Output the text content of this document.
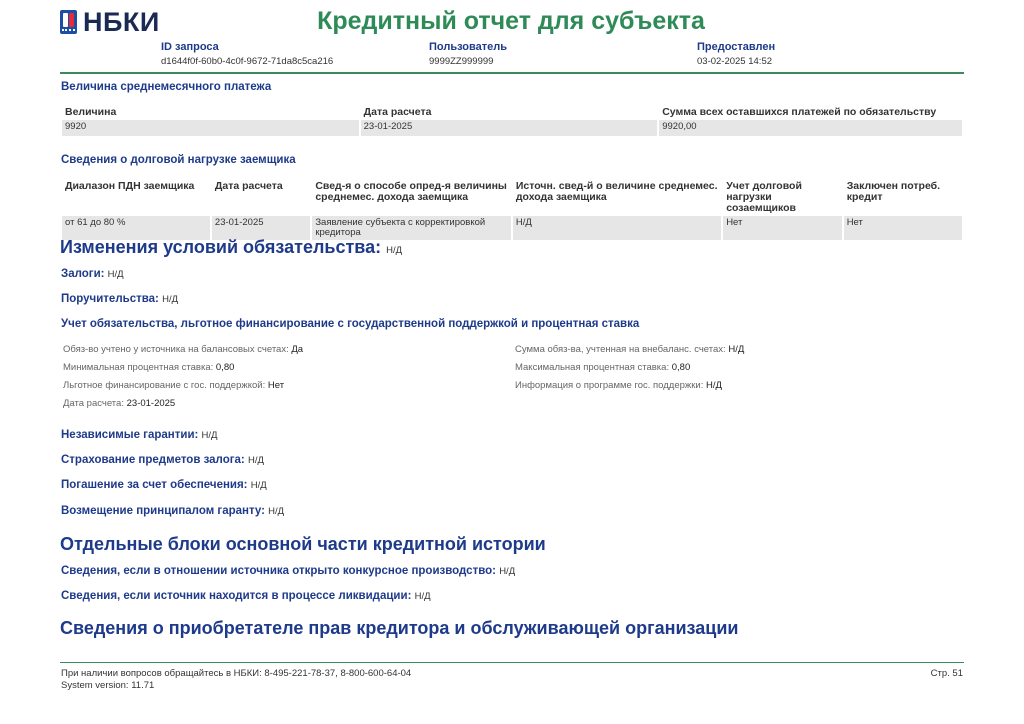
НБКИ	Кредитный отчет для субъекта
ID запроса
d1644f0f-60b0-4c0f-9672-71da8c5ca216
Пользователь
9999ZZ999999
Предоставлен
03-02-2025 14:52
Величина среднемесячного платежа
Величина	Дата расчета	Сумма всех оставшихся платежей по обязательству
9920	23-01-2025	9920,00
Сведения о долговой нагрузке заемщика
Диалазон ПДН заемщика	Дата расчета	Свед-я о способе опред-я величины среднемес. дохода заемщика	Источн. свед-й о величине среднемес. дохода заемщика	Учет долговой нагрузки созаемщиков	Заключен потреб. кредит
от 61 до 80 %	23-01-2025	Заявление субъекта с корректировкой кредитора	Н/Д	Нет	Нет
Изменения условий обязательства: Н/Д
Залоги: Н/Д
Поручительства: Н/Д
Учет обязательства, льготное финансирование с государственной поддержкой и процентная ставка
Обяз-во учтено у источника на балансовых счетах: Да
Минимальная процентная ставка: 0,80
Льготное финансирование с гос. поддержкой: Нет
Дата расчета: 23-01-2025
Сумма обяз-ва, учтенная на внебаланс. счетах: Н/Д
Максимальная процентная ставка: 0,80
Информация о программе гос. поддержки: Н/Д
Независимые гарантии: Н/Д
Страхование предметов залога: Н/Д
Погашение за счет обеспечения: Н/Д
Возмещение принципалом гаранту: Н/Д
Отдельные блоки основной части кредитной истории
Сведения, если в отношении источника открыто конкурсное производство: Н/Д
Сведения, если источник находится в процессе ликвидации: Н/Д
Сведения о приобретателе прав кредитора и обслуживающей организации
При наличии вопросов обращайтесь в НБКИ: 8-495-221-78-37, 8-800-600-64-04
System version: 11.71
Стр. 51
